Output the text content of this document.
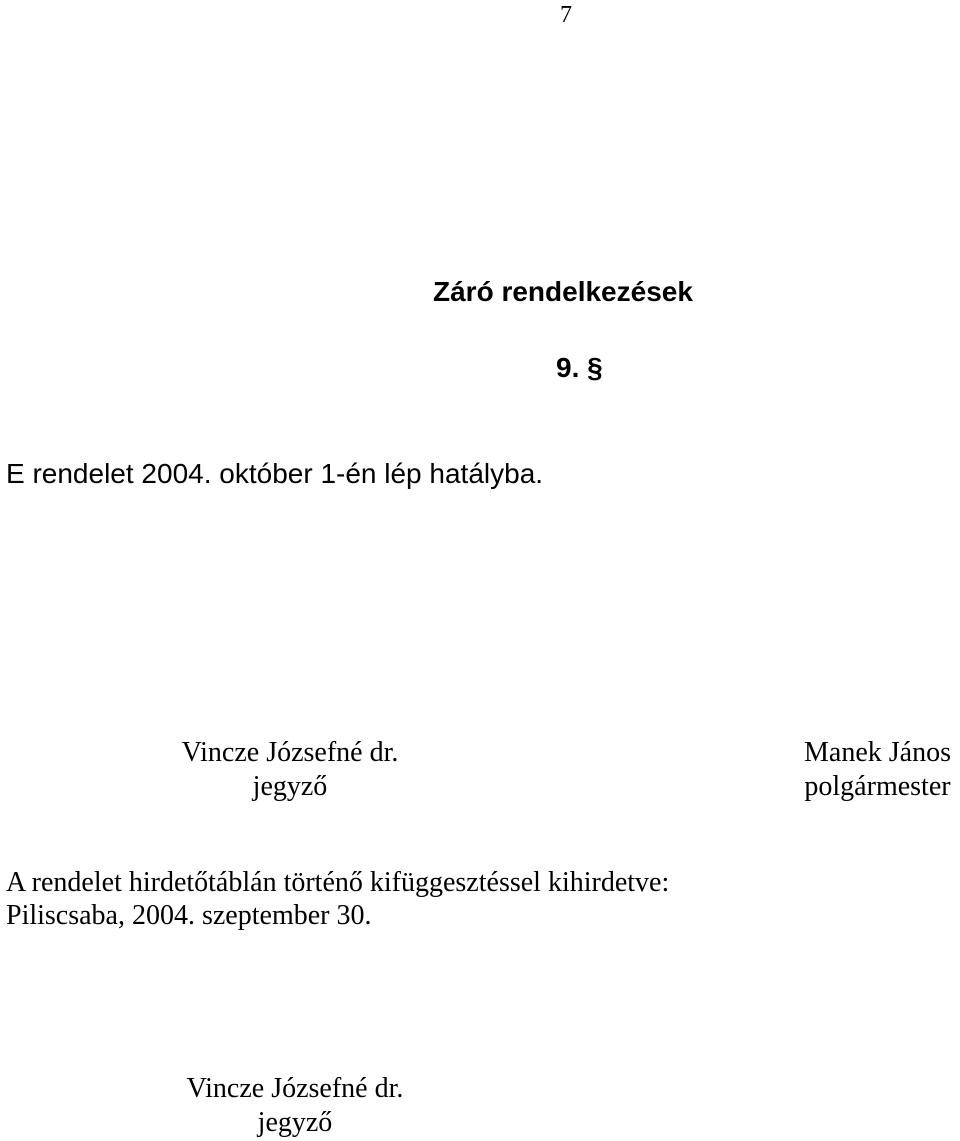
7
Záró rendelkezések
9. §
E rendelet 2004. október 1-én lép hatályba.
Vincze Józsefné dr.
jegyző
Manek János
polgármester
A rendelet hirdetőtáblán történő kifüggesztéssel kihirdetve:
Piliscsaba, 2004. szeptember 30.
Vincze Józsefné dr.
jegyző
